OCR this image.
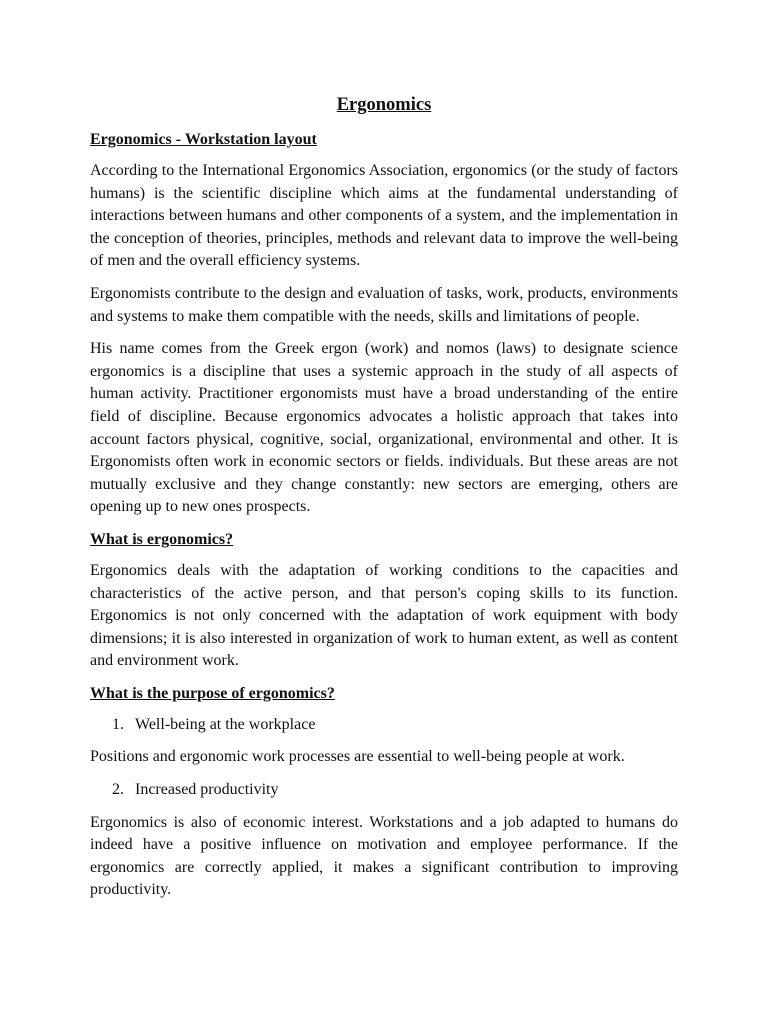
Ergonomics
Ergonomics - Workstation layout

According to the International Ergonomics Association, ergonomics (or the study of factors humans) is the scientific discipline which aims at the fundamental understanding of interactions between humans and other components of a system, and the implementation in the conception of theories, principles, methods and relevant data to improve the well-being of men and the overall efficiency systems.

Ergonomists contribute to the design and evaluation of tasks, work, products, environments and systems to make them compatible with the needs, skills and limitations of people.

His name comes from the Greek ergon (work) and nomos (laws) to designate science ergonomics is a discipline that uses a systemic approach in the study of all aspects of human activity. Practitioner ergonomists must have a broad understanding of the entire field of discipline. Because ergonomics advocates a holistic approach that takes into account factors physical, cognitive, social, organizational, environmental and other. It is Ergonomists often work in economic sectors or fields. individuals. But these areas are not mutually exclusive and they change constantly: new sectors are emerging, others are opening up to new ones prospects.

What is ergonomics?

Ergonomics deals with the adaptation of working conditions to the capacities and characteristics of the active person, and that person's coping skills to its function. Ergonomics is not only concerned with the adaptation of work equipment with body dimensions; it is also interested in organization of work to human extent, as well as content and environment work.

What is the purpose of ergonomics?
1. Well-being at the workplace

Positions and ergonomic work processes are essential to well-being people at work.

2. Increased productivity

Ergonomics is also of economic interest. Workstations and a job adapted to humans do indeed have a positive influence on motivation and employee performance. If the ergonomics are correctly applied, it makes a significant contribution to improving productivity.
